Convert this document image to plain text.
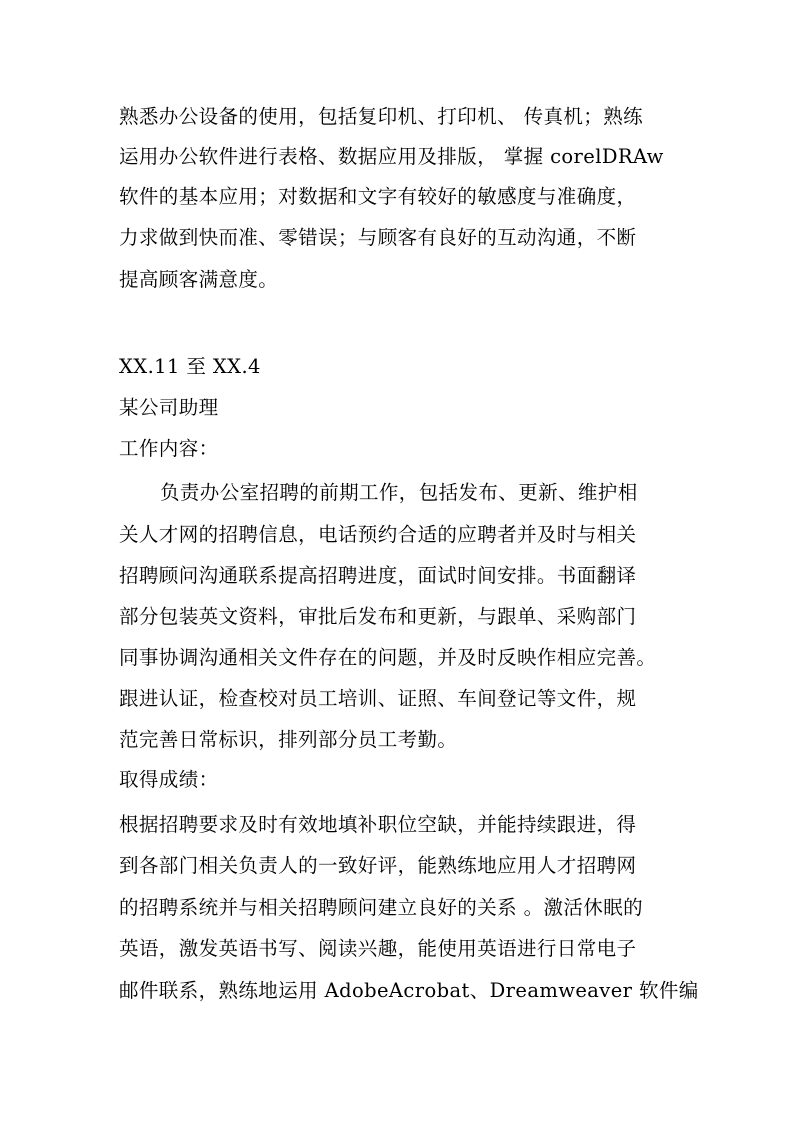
熟悉办公设备的使用，包括复印机、打印机、 传真机；熟练
运用办公软件进行表格、数据应用及排版， 掌握 corelDRAw
软件的基本应用；对数据和文字有较好的敏感度与准确度，
力求做到快而准、零错误；与顾客有良好的互动沟通，不断
提高顾客满意度。
XX.11 至 XX.4
某公司助理
工作内容：
负责办公室招聘的前期工作，包括发布、更新、维护相
关人才网的招聘信息，电话预约合适的应聘者并及时与相关
招聘顾问沟通联系提高招聘进度，面试时间安排。书面翻译
部分包装英文资料，审批后发布和更新，与跟单、采购部门
同事协调沟通相关文件存在的问题，并及时反映作相应完善。
跟进认证，检查校对员工培训、证照、车间登记等文件，规
范完善日常标识，排列部分员工考勤。
取得成绩：
根据招聘要求及时有效地填补职位空缺，并能持续跟进，得
到各部门相关负责人的一致好评，能熟练地应用人才招聘网
的招聘系统并与相关招聘顾问建立良好的关系 。激活休眠的
英语，激发英语书写、阅读兴趣，能使用英语进行日常电子
邮件联系，熟练地运用 AdobeAcrobat、Dreamweaver 软件编
